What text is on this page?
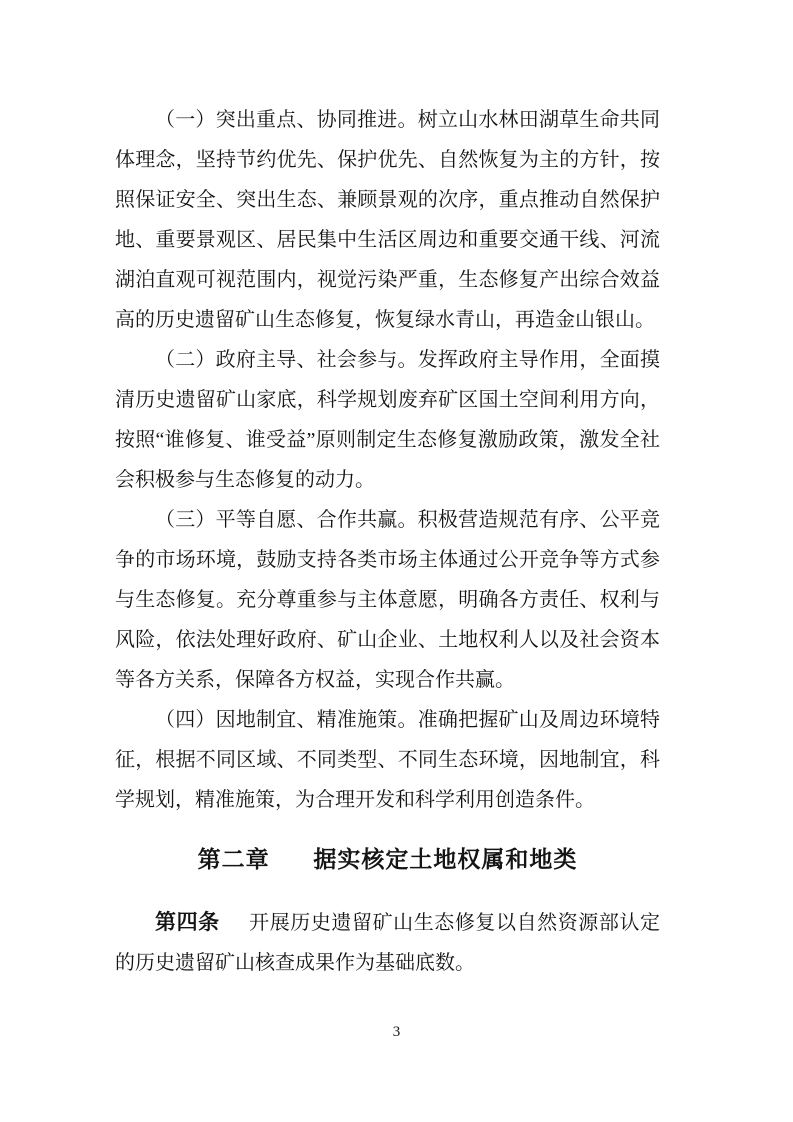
（一）突出重点、协同推进。树立山水林田湖草生命共同体理念，坚持节约优先、保护优先、自然恢复为主的方针，按照保证安全、突出生态、兼顾景观的次序，重点推动自然保护地、重要景观区、居民集中生活区周边和重要交通干线、河流湖泊直观可视范围内，视觉污染严重，生态修复产出综合效益高的历史遗留矿山生态修复，恢复绿水青山，再造金山银山。

（二）政府主导、社会参与。发挥政府主导作用，全面摸清历史遗留矿山家底，科学规划废弃矿区国土空间利用方向，按照“谁修复、谁受益”原则制定生态修复激励政策，激发全社会积极参与生态修复的动力。

（三）平等自愿、合作共赢。积极营造规范有序、公平竞争的市场环境，鼓励支持各类市场主体通过公开竞争等方式参与生态修复。充分尊重参与主体意愿，明确各方责任、权利与风险，依法处理好政府、矿山企业、土地权利人以及社会资本等各方关系，保障各方权益，实现合作共赢。

（四）因地制宜、精准施策。准确把握矿山及周边环境特征，根据不同区域、不同类型、不同生态环境，因地制宜，科学规划，精准施策，为合理开发和科学利用创造条件。

第二章 据实核定土地权属和地类

第四条 开展历史遗留矿山生态修复以自然资源部认定的历史遗留矿山核查成果作为基础底数。

3
